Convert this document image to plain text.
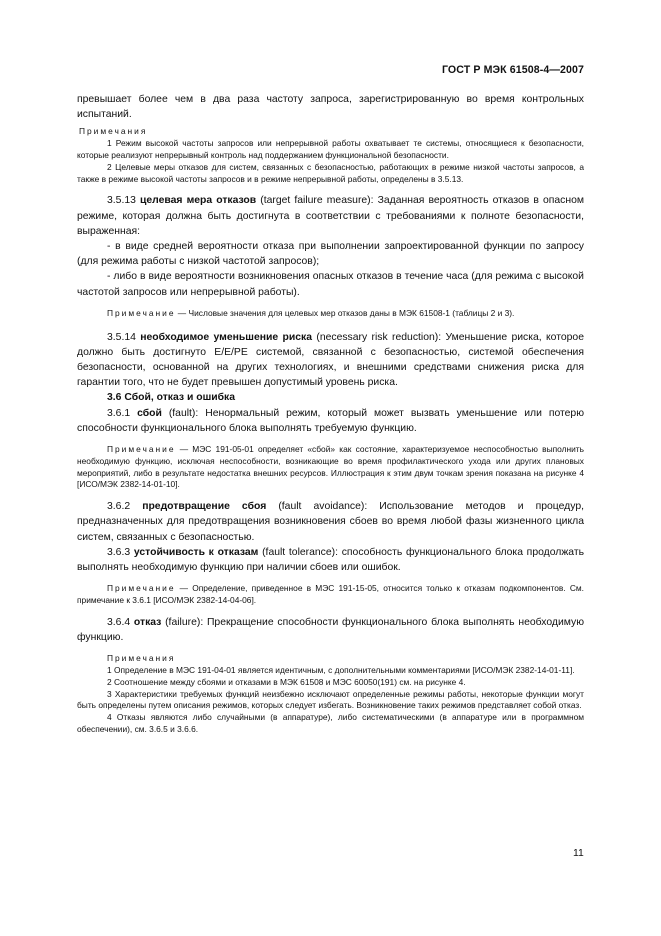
ГОСТ Р МЭК 61508-4—2007

превышает более чем в два раза частоту запроса, зарегистрированную во время контрольных испытаний.

Примечания

1 Режим высокой частоты запросов или непрерывной работы охватывает те системы, относящиеся к безопасности, которые реализуют непрерывный контроль над поддержанием функциональной безопасности.

2 Целевые меры отказов для систем, связанных с безопасностью, работающих в режиме низкой частоты запросов, а также в режиме высокой частоты запросов и в режиме непрерывной работы, определены в 3.5.13.

3.5.13 целевая мера отказов (target failure measure): Заданная вероятность отказов в опасном режиме, которая должна быть достигнута в соответствии с требованиями к полноте безопасности, выраженная:

- в виде средней вероятности отказа при выполнении запроектированной функции по запросу (для режима работы с низкой частотой запросов);

- либо в виде вероятности возникновения опасных отказов в течение часа (для режима с высокой частотой запросов или непрерывной работы).

Примечание — Числовые значения для целевых мер отказов даны в МЭК 61508-1 (таблицы 2 и 3).

3.5.14 необходимое уменьшение риска (necessary risk reduction): Уменьшение риска, которое должно быть достигнуто E/E/PE системой, связанной с безопасностью, системой обеспечения безопасности, основанной на других технологиях, и внешними средствами снижения риска для гарантии того, что не будет превышен допустимый уровень риска.

3.6 Сбой, отказ и ошибка

3.6.1 сбой (fault): Ненормальный режим, который может вызвать уменьшение или потерю способности функционального блока выполнять требуемую функцию.

Примечание — МЭС 191-05-01 определяет «сбой» как состояние, характеризуемое неспособностью выполнить необходимую функцию, исключая неспособности, возникающие во время профилактического ухода или других плановых мероприятий, либо в результате недостатка внешних ресурсов. Иллюстрация к этим двум точкам зрения показана на рисунке 4 [ИСО/МЭК 2382-14-01-10].

3.6.2 предотвращение сбоя (fault avoidance): Использование методов и процедур, предназначенных для предотвращения возникновения сбоев во время любой фазы жизненного цикла систем, связанных с безопасностью.

3.6.3 устойчивость к отказам (fault tolerance): способность функционального блока продолжать выполнять необходимую функцию при наличии сбоев или ошибок.

Примечание — Определение, приведенное в МЭС 191-15-05, относится только к отказам подкомпонентов. См. примечание к 3.6.1 [ИСО/МЭК 2382-14-04-06].

3.6.4 отказ (failure): Прекращение способности функционального блока выполнять необходимую функцию.

Примечания

1 Определение в МЭС 191-04-01 является идентичным, с дополнительными комментариями [ИСО/МЭК 2382-14-01-11].

2 Соотношение между сбоями и отказами в МЭК 61508 и МЭС 60050(191) см. на рисунке 4.

3 Характеристики требуемых функций неизбежно исключают определенные режимы работы, некоторые функции могут быть определены путем описания режимов, которых следует избегать. Возникновение таких режимов представляет собой отказ.

4 Отказы являются либо случайными (в аппаратуре), либо систематическими (в аппаратуре или в программном обеспечении), см. 3.6.5 и 3.6.6.

11
